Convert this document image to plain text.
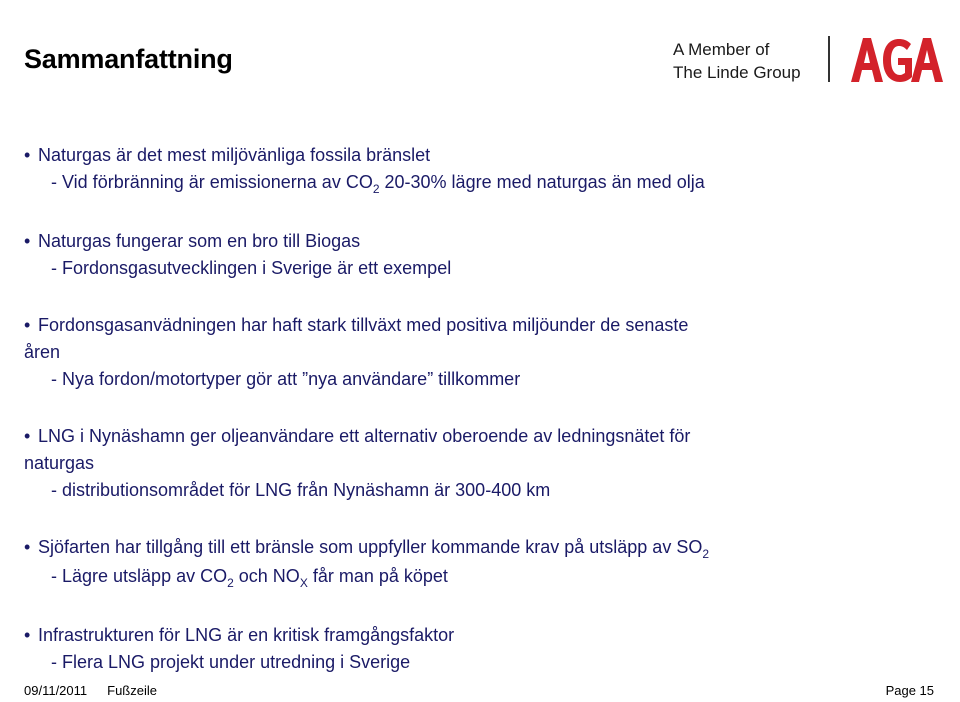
Sammanfattning	A Member of
The Linde Group
• Naturgas är det mest miljövänliga fossila bränslet
- Vid förbränning är emissionerna av $CO_2$ 20-30% lägre med naturgas än med olja
• Naturgas fungerar som en bro till Biogas
- Fordonsgasutvecklingen i Sverige är ett exempel
• Fordonsgasanvädningen har haft stark tillväxt med positiva miljöunder de senaste
åren
- Nya fordon/motortyper gör att ”nya användare” tillkommer
• LNG i Nynäshamn ger oljeanvändare ett alternativ oberoende av ledningsnätet för
naturgas
- distributionsområdet för LNG från Nynäshamn är 300-400 km
• Sjöfarten har tillgång till ett bränsle som uppfyller kommande krav på utsläpp av $SO_2$
- Lägre utsläpp av $CO_2$ och $NO_X$ får man på köpet
• Infrastrukturen för LNG är en kritisk framgångsfaktor
- Flera LNG projekt under utredning i Sverige
09/11/2011 Fußzeile	Page 15
